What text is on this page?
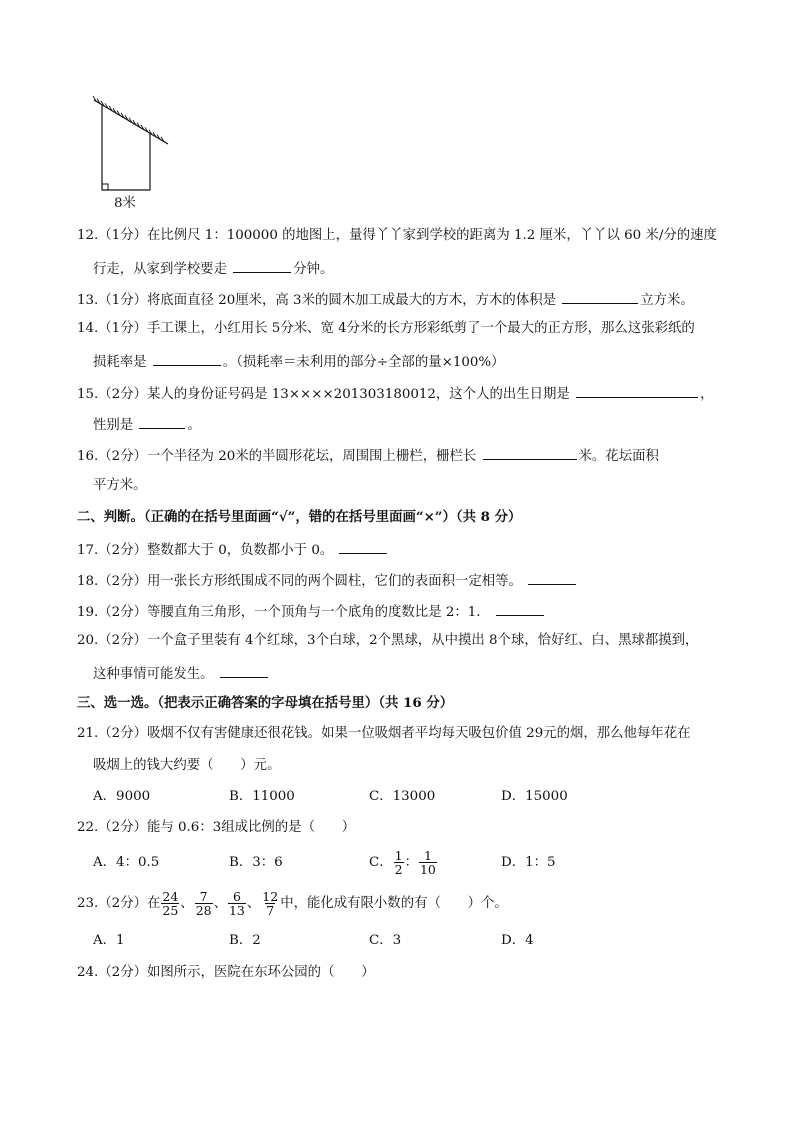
8米
12.（1分）在比例尺 1：100000 的地图上，量得丫丫家到学校的距离为 1.2 厘米，丫丫以 60 米/分的速度
行走，从家到学校要走	分钟。
13.（1分）将底面直径 20厘米，高 3米的圆木加工成最大的方木，方木的体积是	立方米。
14.（1分）手工课上，小红用长 5分米、宽 4分米的长方形彩纸剪了一个最大的正方形，那么这张彩纸的
损耗率是	。（损耗率＝未利用的部分÷全部的量×100%）
15.（2分）某人的身份证号码是 13××××201303180012，这个人的出生日期是	，
性别是	。
16.（2分）一个半径为 20米的半圆形花坛，周围围上栅栏，栅栏长	米。花坛面积
平方米。
二、判断。（正确的在括号里面画“√”，错的在括号里面画“×”）（共 8 分）
17.（2分）整数都大于 0，负数都小于 0。
18.（2分）用一张长方形纸围成不同的两个圆柱，它们的表面积一定相等。
19.（2分）等腰直角三角形，一个顶角与一个底角的度数比是 2：1．
20.（2分）一个盒子里装有 4个红球，3个白球，2个黑球，从中摸出 8个球，恰好红、白、黑球都摸到，
这种事情可能发生。
三、选一选。（把表示正确答案的字母填在括号里）（共 16 分）
21.（2分）吸烟不仅有害健康还很花钱。如果一位吸烟者平均每天吸包价值 29元的烟，那么他每年花在
吸烟上的钱大约要（　　）元。
A．9000	B．11000	C．13000	D．15000
22.（2分）能与 0.6：3组成比例的是（　　）
A．4：0.5	B．3：6	C． $\frac{1}{2}$ ： $\frac{1}{10}$	D．1：5
23.（2分）在 $\frac{24}{25}$ 、 $\frac{7}{28}$ 、 $\frac{6}{13}$ 、 $\frac{12}{7}$ 中，能化成有限小数的有（　　）个。
A．1	B．2	C．3	D．4
24.（2分）如图所示，医院在东环公园的（　　）
